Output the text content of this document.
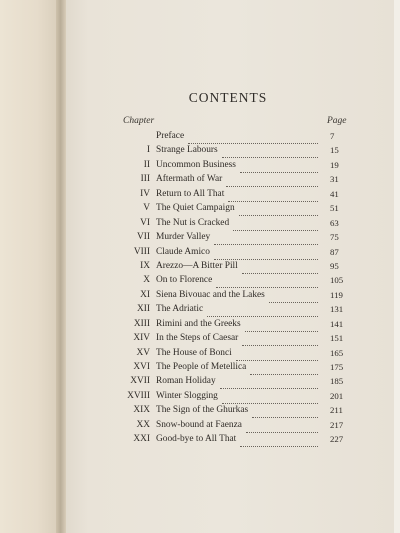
CONTENTS
Chapter	Page
Preface	7
I Strange Labours	15
II Uncommon Business	19
III Aftermath of War	31
IV Return to All That	41
V The Quiet Campaign	51
VI The Nut is Cracked	63
VII Murder Valley	75
VIII Claude Amico	87
IX Arezzo—A Bitter Pill	95
X On to Florence	105
XI Siena Bivouac and the Lakes	119
XII The Adriatic	131
XIII Rimini and the Greeks	141
XIV In the Steps of Caesar	151
XV The House of Bonci	165
XVI The People of Metellica	175
XVII Roman Holiday	185
XVIII Winter Slogging	201
XIX The Sign of the Ghurkas	211
XX Snow-bound at Faenza	217
XXI Good-bye to All That	227
